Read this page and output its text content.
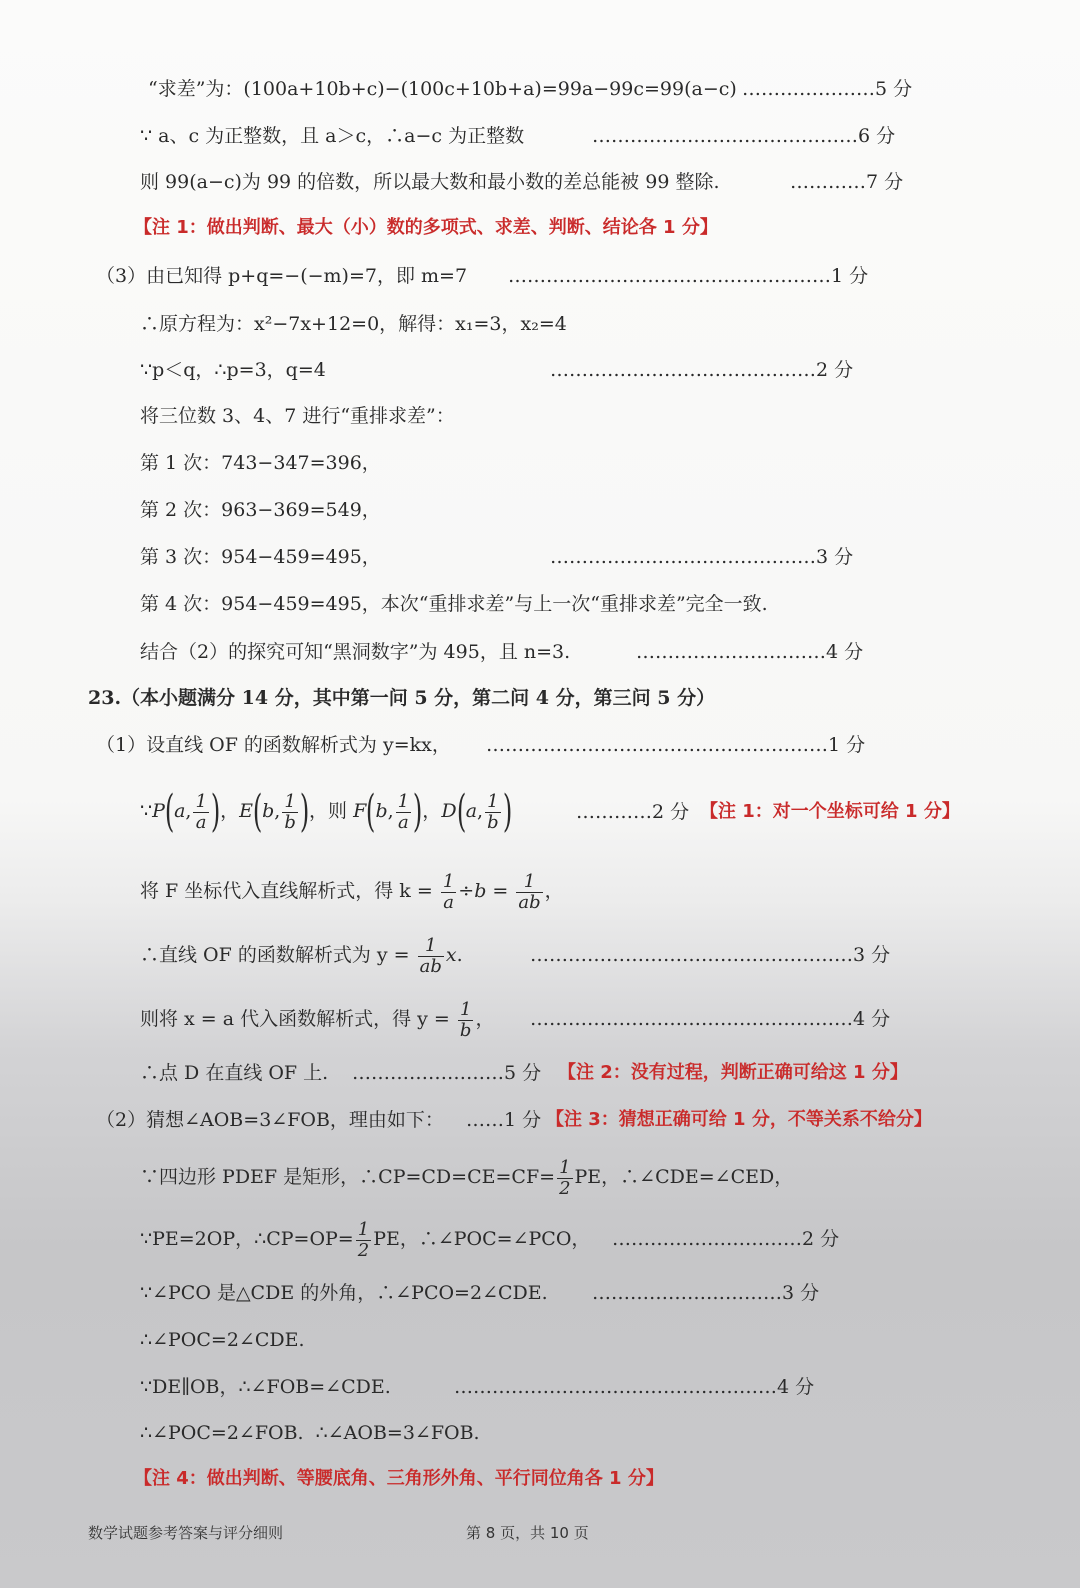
“求差”为：(100a+10b+c)−(100c+10b+a)=99a−99c=99(a−c) …………………5 分
∵ a、c 为正整数，且 a＞c，∴a−c 为正整数	……………………………………6 分
则 99(a−c)为 99 的倍数，所以最大数和最小数的差总能被 99 整除.	…………7 分
【注 1：做出判断、最大（小）数的多项式、求差、判断、结论各 1 分】
（3）由已知得 p+q=−(−m)=7，即 m=7 ……………………………………………1 分
∴原方程为：x²−7x+12=0，解得：x₁=3，x₂=4
∵p＜q，∴p=3，q=4	……………………………………2 分
将三位数 3、4、7 进行“重排求差”：
第 1 次：743−347=396，
第 2 次：963−369=549，
第 3 次：954−459=495，	……………………………………3 分
第 4 次：954−459=495，本次“重排求差”与上一次“重排求差”完全一致.
结合（2）的探究可知“黑洞数字”为 495，且 n=3.	…………………………4 分
23.（本小题满分 14 分，其中第一问 5 分，第二问 4 分，第三问 5 分）
（1）设直线 OF 的函数解析式为 y=kx， ………………………………………………1 分
∵P(a, $\frac{1}{a}$ )，E(b, $\frac{1}{b}$ )，则 F(b, $\frac{1}{a}$ )，D(a, $\frac{1}{b}$ )	…………2 分 【注 1：对一个坐标可给 1 分】
将 F 坐标代入直线解析式，得 $k = \frac{1}{a} \div b = \frac{1}{ab}$ ，
∴直线 OF 的函数解析式为 $y = \frac{1}{ab} x$.	……………………………………………3 分
则将 x = a 代入函数解析式，得 $y = \frac{1}{b}$ ， ……………………………………………4 分
∴点 D 在直线 OF 上. ……………………5 分 【注 2：没有过程，判断正确可给这 1 分】
（2）猜想∠AOB=3∠FOB，理由如下： ……1 分 【注 3：猜想正确可给 1 分，不等关系不给分】
∵四边形 PDEF 是矩形，∴CP=CD=CE=CF= $\frac{1}{2}$ PE，∴∠CDE=∠CED，
∵PE=2OP，∴CP=OP= $\frac{1}{2}$ PE，∴∠POC=∠PCO， …………………………2 分
∵∠PCO 是△CDE 的外角，∴∠PCO=2∠CDE. …………………………3 分
∴∠POC=2∠CDE.
∵DE∥OB，∴∠FOB=∠CDE.	……………………………………………4 分
∴∠POC=2∠FOB. ∴∠AOB=3∠FOB.
【注 4：做出判断、等腰底角、三角形外角、平行同位角各 1 分】
数学试题参考答案与评分细则	第 8 页，共 10 页
